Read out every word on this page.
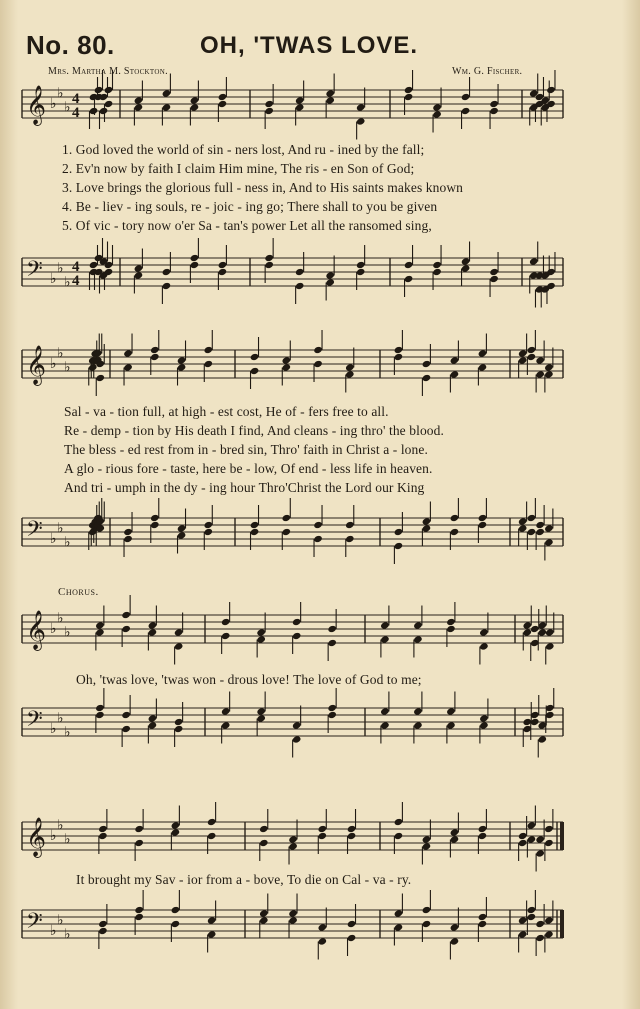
No. 80.	OH, 'TWAS LOVE.
Mrs. Martha M. Stockton.	Wm. G. Fischer.
𝄞 ♭
♭
♭
4
4
1. God loved the world of sin - ners lost, And ru - ined by the fall;
2. Ev'n now by faith I claim Him mine, The ris - en Son of God;
3. Love brings the glorious full - ness in, And to His saints makes known
4. Be - liev - ing souls, re - joic - ing go; There shall to you be given
5. Of vic - tory now o'er Sa - tan's power Let all the ransomed sing,
𝄢 ♭
♭
♭
4
4
𝄞 ♭
♭
♭
Sal - va - tion full, at high - est cost, He of - fers free to all.
Re - demp - tion by His death I find, And cleans - ing thro' the blood.
The bless - ed rest from in - bred sin, Thro' faith in Christ a - lone.
A glo - rious fore - taste, here be - low, Of end - less life in heaven.
And tri - umph in the dy - ing hour Thro'Christ the Lord our King
𝄢 ♭
♭
♭
Chorus.
𝄞 ♭
♭
♭
Oh, 'twas love, 'twas won - drous love! The love of God to me;
𝄢 ♭
♭
♭
𝄞 ♭
♭
♭
It brought my Sav - ior from a - bove, To die on Cal - va - ry.
𝄢 ♭
♭
♭
